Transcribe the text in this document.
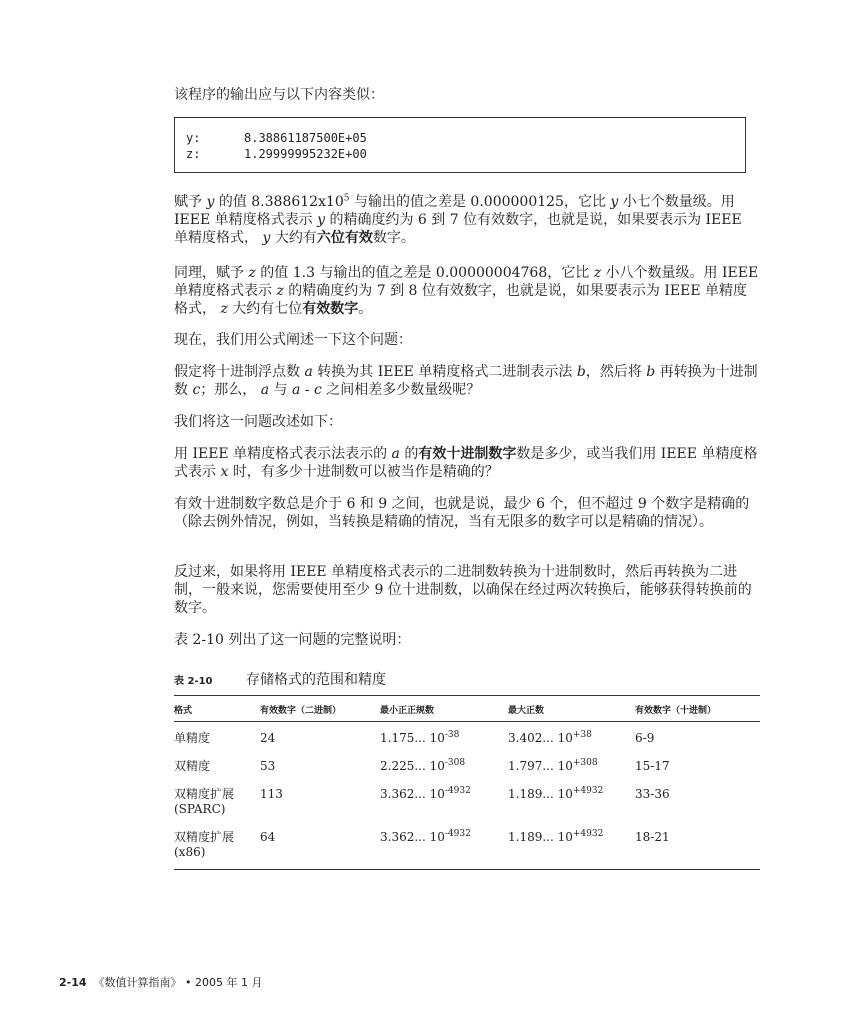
该程序的输出应与以下内容类似：

y:	8.38861187500E+05
z:	1.29999995232E+00

赋予 y 的值 $8.388612x10^5$ 与输出的值之差是 0.000000125，它比 y 小七个数量级。用 IEEE 单精度格式表示 y 的精确度约为 6 到 7 位有效数字，也就是说，如果要表示为 IEEE 单精度格式， y 大约有六位有效数字。

同理，赋予 z 的值 1.3 与输出的值之差是 0.00000004768，它比 z 小八个数量级。用 IEEE 单精度格式表示 z 的精确度约为 7 到 8 位有效数字，也就是说，如果要表示为 IEEE 单精度格式， z 大约有七位有效数字。

现在，我们用公式阐述一下这个问题：

假定将十进制浮点数 a 转换为其 IEEE 单精度格式二进制表示法 b，然后将 b 再转换为十进制数 c；那么， a 与 a - c 之间相差多少数量级呢？

我们将这一问题改述如下：

用 IEEE 单精度格式表示法表示的 a 的有效十进制数字数是多少，或当我们用 IEEE 单精度格式表示 x 时，有多少十进制数可以被当作是精确的？

有效十进制数字数总是介于 6 和 9 之间，也就是说，最少 6 个，但不超过 9 个数字是精确的（除去例外情况，例如，当转换是精确的情况，当有无限多的数字可以是精确的情况）。

反过来，如果将用 IEEE 单精度格式表示的二进制数转换为十进制数时，然后再转换为二进制，一般来说，您需要使用至少 9 位十进制数，以确保在经过两次转换后，能够获得转换前的数字。

表 2-10 列出了这一问题的完整说明：

表 2-10	存储格式的范围和精度
格式	有效数字（二进制）	最小正正规数	最大正数	有效数字（十进制）
单精度	24	1.175... $10^{-38}$	3.402... $10^{+38}$	6-9
双精度	53	2.225... $10^{-308}$	1.797... $10^{+308}$	15-17
双精度扩展 (SPARC)	113	3.362... $10^{-4932}$	1.189... $10^{+4932}$	33-36
双精度扩展 (x86)	64	3.362... $10^{-4932}$	1.189... $10^{+4932}$	18-21
2-14 《数值计算指南》 • 2005 年 1 月
